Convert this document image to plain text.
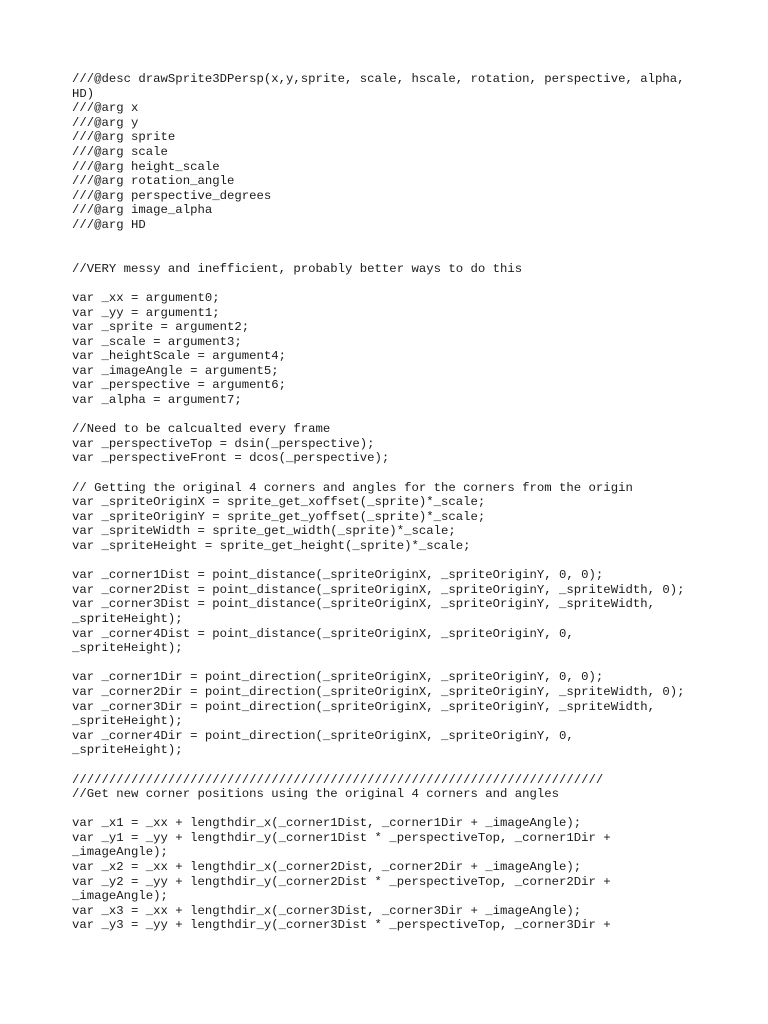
///@desc drawSprite3DPersp(x,y,sprite, scale, hscale, rotation, perspective, alpha,
HD)
///@arg x
///@arg y
///@arg sprite
///@arg scale
///@arg height_scale
///@arg rotation_angle
///@arg perspective_degrees
///@arg image_alpha
///@arg HD
//VERY messy and inefficient, probably better ways to do this
var _xx = argument0;
var _yy = argument1;
var _sprite = argument2;
var _scale = argument3;
var _heightScale = argument4;
var _imageAngle = argument5;
var _perspective = argument6;
var _alpha = argument7;
//Need to be calcualted every frame
var _perspectiveTop = dsin(_perspective);
var _perspectiveFront = dcos(_perspective);
// Getting the original 4 corners and angles for the corners from the origin
var _spriteOriginX = sprite_get_xoffset(_sprite)*_scale;
var _spriteOriginY = sprite_get_yoffset(_sprite)*_scale;
var _spriteWidth = sprite_get_width(_sprite)*_scale;
var _spriteHeight = sprite_get_height(_sprite)*_scale;
var _corner1Dist = point_distance(_spriteOriginX, _spriteOriginY, 0, 0);
var _corner2Dist = point_distance(_spriteOriginX, _spriteOriginY, _spriteWidth, 0);
var _corner3Dist = point_distance(_spriteOriginX, _spriteOriginY, _spriteWidth,
_spriteHeight);
var _corner4Dist = point_distance(_spriteOriginX, _spriteOriginY, 0,
_spriteHeight);
var _corner1Dir = point_direction(_spriteOriginX, _spriteOriginY, 0, 0);
var _corner2Dir = point_direction(_spriteOriginX, _spriteOriginY, _spriteWidth, 0);
var _corner3Dir = point_direction(_spriteOriginX, _spriteOriginY, _spriteWidth,
_spriteHeight);
var _corner4Dir = point_direction(_spriteOriginX, _spriteOriginY, 0,
_spriteHeight);
////////////////////////////////////////////////////////////////////////
//Get new corner positions using the original 4 corners and angles
var _x1 = _xx + lengthdir_x(_corner1Dist, _corner1Dir + _imageAngle);
var _y1 = _yy + lengthdir_y(_corner1Dist * _perspectiveTop, _corner1Dir +
_imageAngle);
var _x2 = _xx + lengthdir_x(_corner2Dist, _corner2Dir + _imageAngle);
var _y2 = _yy + lengthdir_y(_corner2Dist * _perspectiveTop, _corner2Dir +
_imageAngle);
var _x3 = _xx + lengthdir_x(_corner3Dist, _corner3Dir + _imageAngle);
var _y3 = _yy + lengthdir_y(_corner3Dist * _perspectiveTop, _corner3Dir +
